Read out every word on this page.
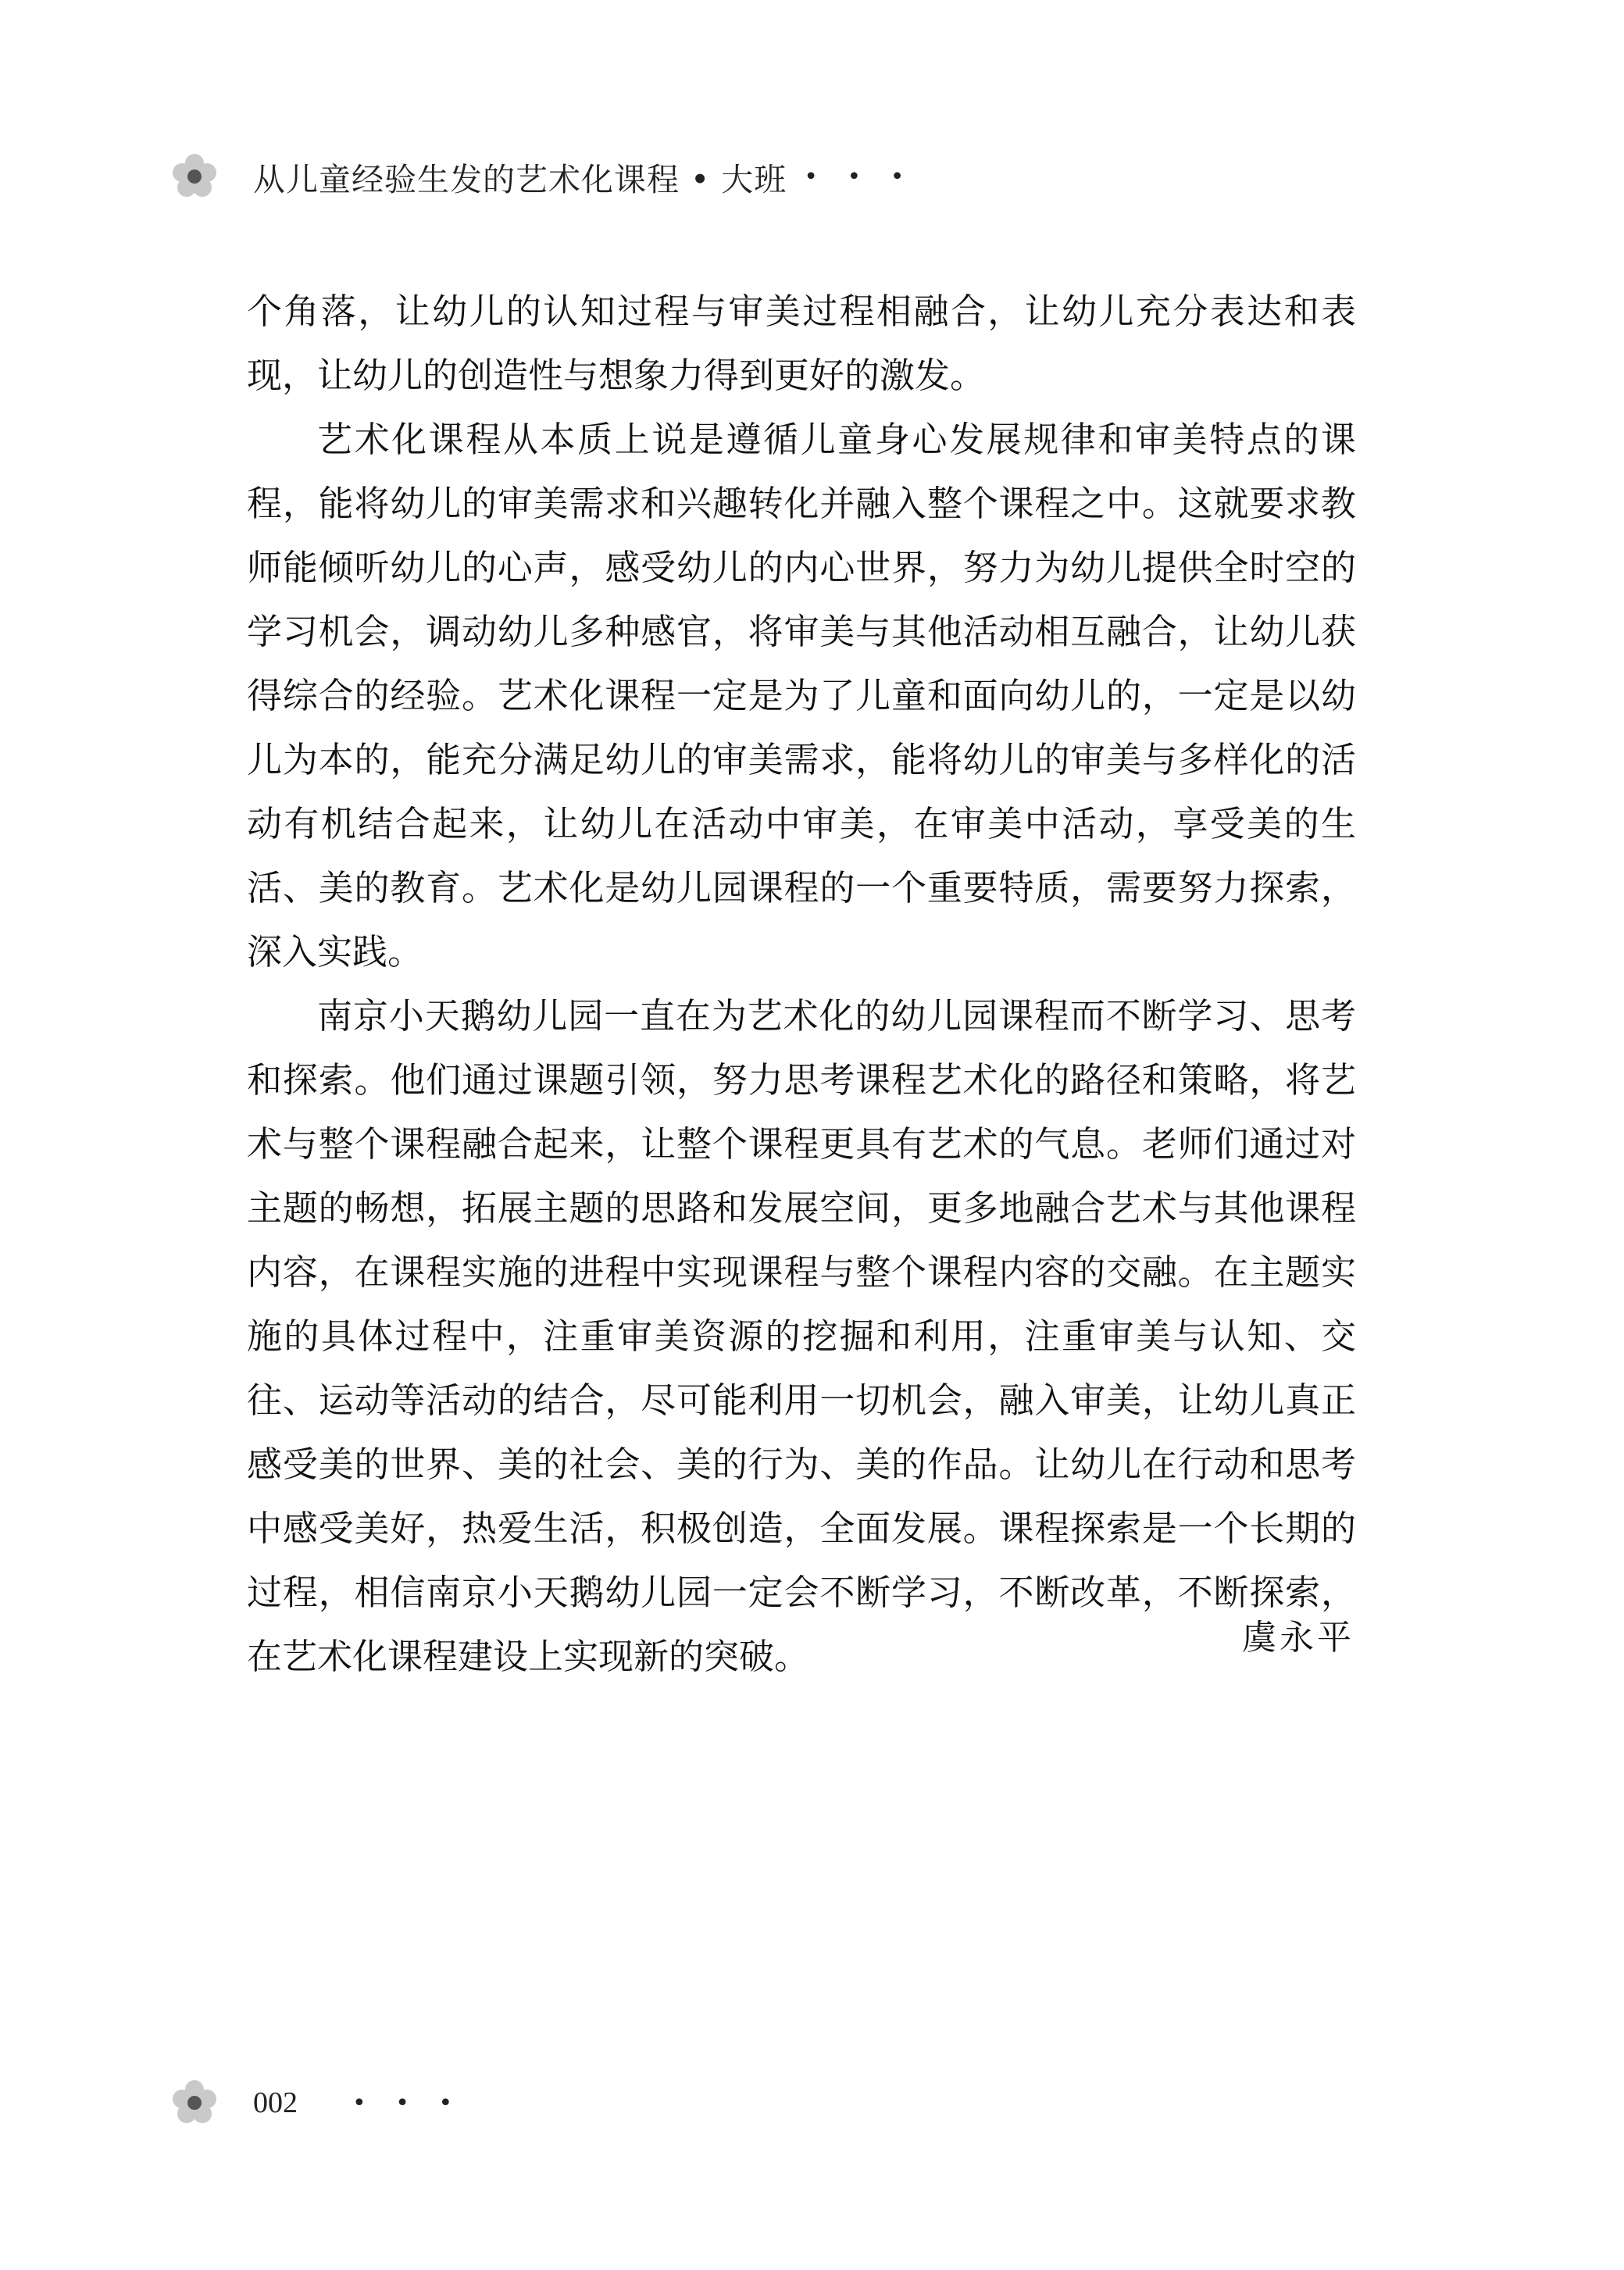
从儿童经验生发的艺术化课程 • 大班 • • •

个角落，让幼儿的认知过程与审美过程相融合，让幼儿充分表达和表现，让幼儿的创造性与想象力得到更好的激发。

艺术化课程从本质上说是遵循儿童身心发展规律和审美特点的课程，能将幼儿的审美需求和兴趣转化并融入整个课程之中。这就要求教师能倾听幼儿的心声，感受幼儿的内心世界，努力为幼儿提供全时空的学习机会，调动幼儿多种感官，将审美与其他活动相互融合，让幼儿获得综合的经验。艺术化课程一定是为了儿童和面向幼儿的，一定是以幼儿为本的，能充分满足幼儿的审美需求，能将幼儿的审美与多样化的活动有机结合起来，让幼儿在活动中审美，在审美中活动，享受美的生活、美的教育。艺术化是幼儿园课程的一个重要特质，需要努力探索，深入实践。

南京小天鹅幼儿园一直在为艺术化的幼儿园课程而不断学习、思考和探索。他们通过课题引领，努力思考课程艺术化的路径和策略，将艺术与整个课程融合起来，让整个课程更具有艺术的气息。老师们通过对主题的畅想，拓展主题的思路和发展空间，更多地融合艺术与其他课程内容，在课程实施的进程中实现课程与整个课程内容的交融。在主题实施的具体过程中，注重审美资源的挖掘和利用，注重审美与认知、交往、运动等活动的结合，尽可能利用一切机会，融入审美，让幼儿真正感受美的世界、美的社会、美的行为、美的作品。让幼儿在行动和思考中感受美好，热爱生活，积极创造，全面发展。课程探索是一个长期的过程，相信南京小天鹅幼儿园一定会不断学习，不断改革，不断探索，在艺术化课程建设上实现新的突破。	虞永平
002 • • •
